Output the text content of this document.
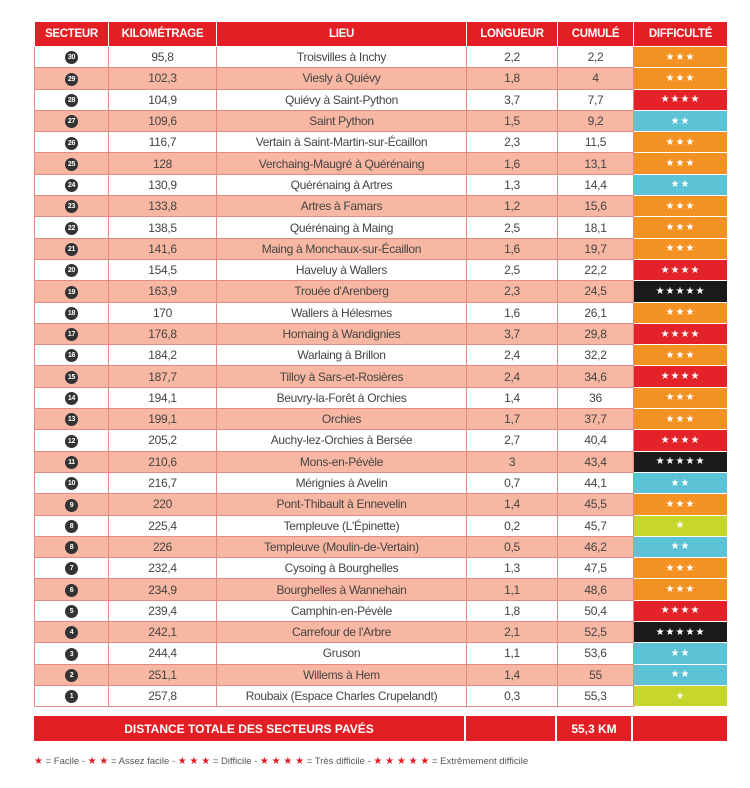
SECTEUR	KILOMÉTRAGE	LIEU	LONGUEUR	CUMULÉ	DIFFICULTÉ
30	95,8	Troisvilles à Inchy	2,2	2,2	★★★
29	102,3	Viesly à Quiévy	1,8	4	★★★
28	104,9	Quiévy à Saint-Python	3,7	7,7	★★★★
27	109,6	Saint Python	1,5	9,2	★★
26	116,7	Vertain à Saint-Martin-sur-Écaillon	2,3	11,5	★★★
25	128	Verchaing-Maugré à Quérénaing	1,6	13,1	★★★
24	130,9	Quérénaing à Artres	1,3	14,4	★★
23	133,8	Artres à Famars	1,2	15,6	★★★
22	138,5	Quérénaing à Maing	2,5	18,1	★★★
21	141,6	Maing à Monchaux-sur-Écaillon	1,6	19,7	★★★
20	154,5	Haveluy à Wallers	2,5	22,2	★★★★
19	163,9	Trouée d'Arenberg	2,3	24,5	★★★★★
18	170	Wallers à Hélesmes	1,6	26,1	★★★
17	176,8	Hornaing à Wandignies	3,7	29,8	★★★★
16	184,2	Warlaing à Brillon	2,4	32,2	★★★
15	187,7	Tilloy à Sars-et-Rosières	2,4	34,6	★★★★
14	194,1	Beuvry-la-Forêt à Orchies	1,4	36	★★★
13	199,1	Orchies	1,7	37,7	★★★
12	205,2	Auchy-lez-Orchies à Bersée	2,7	40,4	★★★★
11	210,6	Mons-en-Pévèle	3	43,4	★★★★★
10	216,7	Mérignies à Avelin	0,7	44,1	★★
9	220	Pont-Thibault à Ennevelin	1,4	45,5	★★★
8	225,4	Templeuve (L'Épinette)	0,2	45,7	★
8	226	Templeuve (Moulin-de-Vertain)	0,5	46,2	★★
7	232,4	Cysoing à Bourghelles	1,3	47,5	★★★
6	234,9	Bourghelles à Wannehain	1,1	48,6	★★★
5	239,4	Camphin-en-Pévèle	1,8	50,4	★★★★
4	242,1	Carrefour de l'Arbre	2,1	52,5	★★★★★
3	244,4	Gruson	1,1	53,6	★★
2	251,1	Willems à Hem	1,4	55	★★
1	257,8	Roubaix (Espace Charles Crupelandt)	0,3	55,3	★
DISTANCE TOTALE DES SECTEURS PAVÉS	55,3 KM
★ = Facile - ★ ★ = Assez facile - ★ ★ ★ = Difficile - ★ ★ ★ ★ = Très difficile - ★ ★ ★ ★ ★ = Extrêmement difficile
